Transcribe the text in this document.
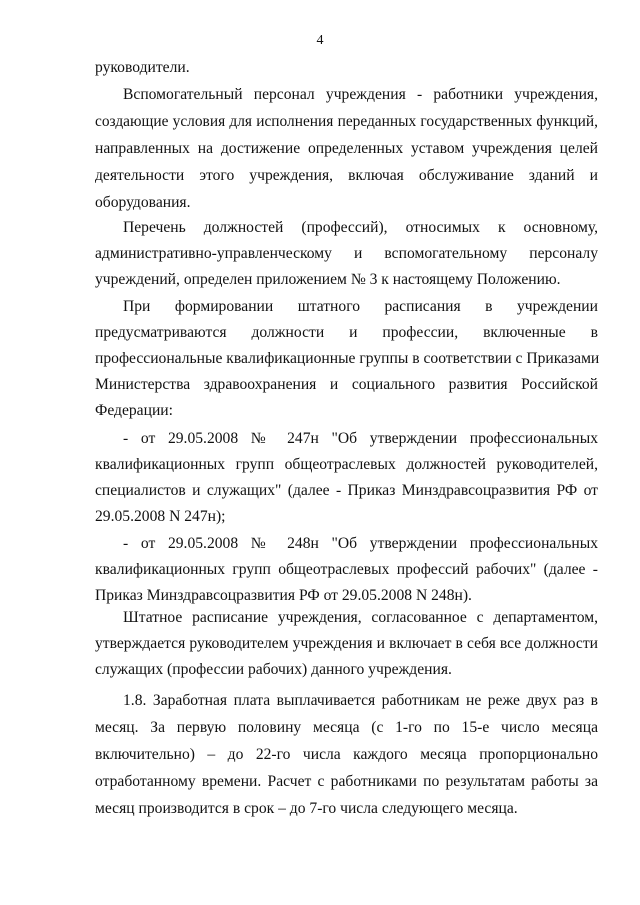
4
руководители.
Вспомогательный персонал учреждения - работники учреждения,
создающие условия для исполнения переданных государственных функций,
направленных на достижение определенных уставом учреждения целей
деятельности этого учреждения, включая обслуживание зданий и
оборудования.
Перечень должностей (профессий), относимых к основному,
административно-управленческому и вспомогательному персоналу
учреждений, определен приложением № 3 к настоящему Положению.
При формировании штатного расписания в учреждении
предусматриваются должности и профессии, включенные в
профессиональные квалификационные группы в соответствии с Приказами
Министерства здравоохранения и социального развития Российской
Федерации:
- от 29.05.2008 № 247н "Об утверждении профессиональных
квалификационных групп общеотраслевых должностей руководителей,
специалистов и служащих" (далее - Приказ Минздравсоцразвития РФ от
29.05.2008 N 247н);
- от 29.05.2008 № 248н "Об утверждении профессиональных
квалификационных групп общеотраслевых профессий рабочих" (далее -
Приказ Минздравсоцразвития РФ от 29.05.2008 N 248н).
Штатное расписание учреждения, согласованное с департаментом,
утверждается руководителем учреждения и включает в себя все должности
служащих (профессии рабочих) данного учреждения.
1.8. Заработная плата выплачивается работникам не реже двух раз в
месяц. За первую половину месяца (с 1-го по 15-е число месяца
включительно) – до 22-го числа каждого месяца пропорционально
отработанному времени. Расчет с работниками по результатам работы за
месяц производится в срок – до 7-го числа следующего месяца.
